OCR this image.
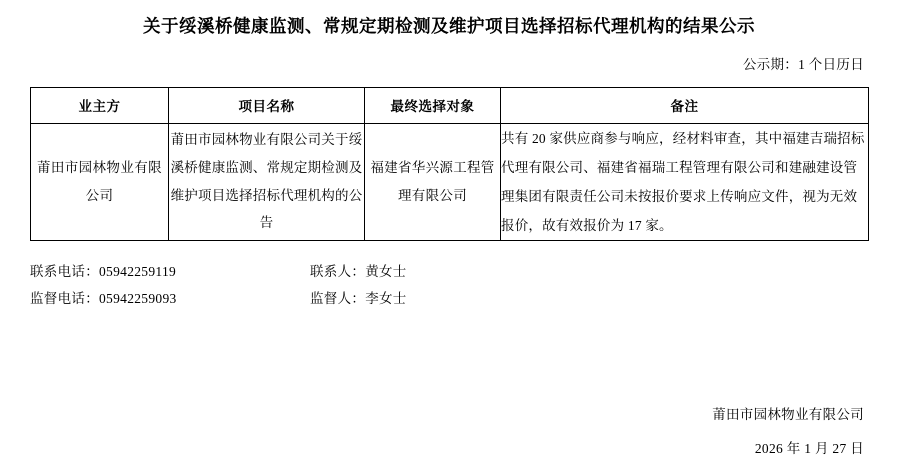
关于绥溪桥健康监测、常规定期检测及维护项目选择招标代理机构的结果公示
公示期：1 个日历日
业主方	项目名称	最终选择对象	备注
莆田市园林物业有限公司	莆田市园林物业有限公司关于绥溪桥健康监测、常规定期检测及维护项目选择招标代理机构的公告	福建省华兴源工程管理有限公司	共有 20 家供应商参与响应，经材料审查，其中福建吉瑞招标代理有限公司、福建省福瑞工程管理有限公司和建融建设管理集团有限责任公司未按报价要求上传响应文件，视为无效报价，故有效报价为 17 家。
联系电话：05942259119	联系人：黄女士
监督电话：05942259093	监督人：李女士
莆田市园林物业有限公司
2026 年 1 月 27 日
